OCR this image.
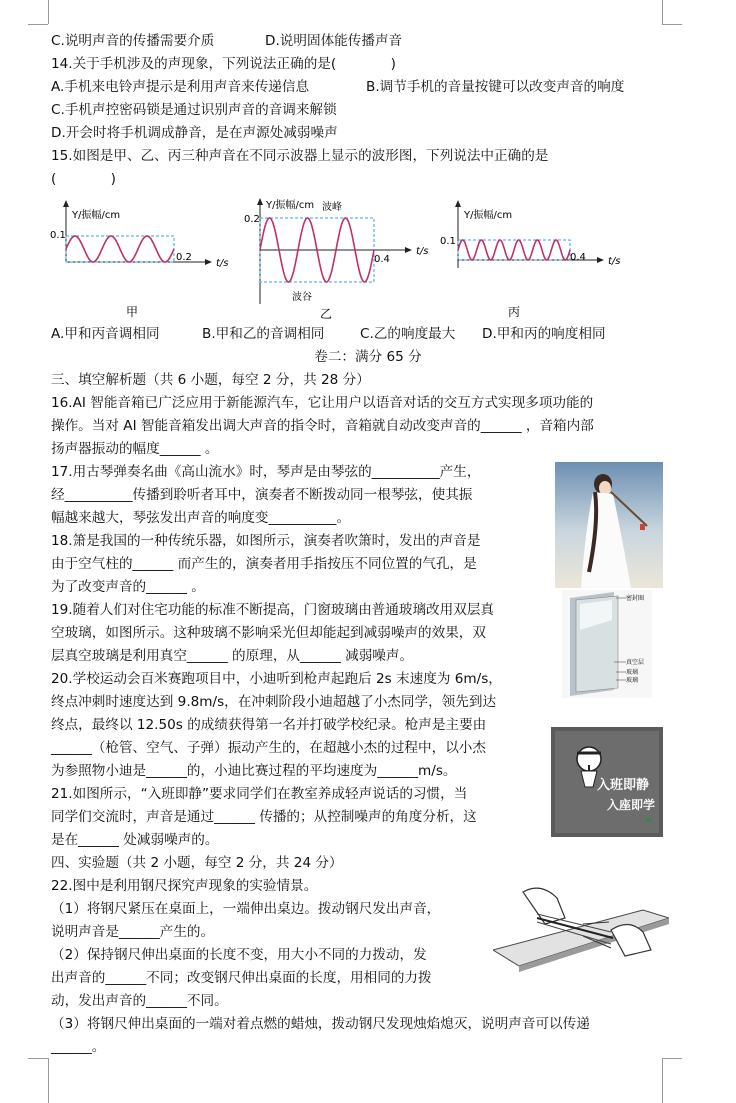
C.说明声音的传播需要介质	D.说明固体能传播声音
14.关于手机涉及的声现象，下列说法正确的是(　　　　)
A.手机来电铃声提示是利用声音来传递信息	B.调节手机的音量按键可以改变声音的响度
C.手机声控密码锁是通过识别声音的音调来解锁
D.开会时将手机调成静音，是在声源处减弱噪声
15.如图是甲、乙、丙三种声音在不同示波器上显示的波形图，下列说法中正确的是
(　　　　)
Y/振幅/cm
0.1
0.2
t/s
甲
Y/振幅/cm
0.2
0.4
t/s
波峰
波谷
乙
Y/振幅/cm
0.1
0.4 t/s
丙
A.甲和丙音调相同	B.甲和乙的音调相同	C.乙的响度最大 D.甲和丙的响度相同
卷二：满分 65 分
三、填空解析题（共 6 小题，每空 2 分，共 28 分）
16.AI 智能音箱已广泛应用于新能源汽车，它让用户以语音对话的交互方式实现多项功能的
操作。当对 AI 智能音箱发出调大声音的指令时，音箱就自动改变声音的______ ，音箱内部
扬声器振动的幅度______ 。
17.用古琴弹奏名曲《高山流水》时，琴声是由琴弦的__________产生，
经__________传播到聆听者耳中，演奏者不断拨动同一根琴弦，使其振
幅越来越大，琴弦发出声音的响度变__________。
18.箫是我国的一种传统乐器，如图所示，演奏者吹箫时，发出的声音是
由于空气柱的______ 而产生的，演奏者用手指按压不同位置的气孔，是
为了改变声音的______ 。
19.随着人们对住宅功能的标准不断提高，门窗玻璃由普通玻璃改用双层真
空玻璃，如图所示。这种玻璃不影响采光但却能起到减弱噪声的效果，双
层真空玻璃是利用真空______ 的原理，从______ 减弱噪声。
20.学校运动会百米赛跑项目中，小迪听到枪声起跑后 2s 末速度为 6m/s，
终点冲刺时速度达到 9.8m/s，在冲刺阶段小迪超越了小杰同学，领先到达
终点，最终以 12.50s 的成绩获得第一名并打破学校纪录。枪声是主要由
______（枪管、空气、子弹）振动产生的，在超越小杰的过程中，以小杰
为参照物小迪是______的，小迪比赛过程的平均速度为______m/s。
21.如图所示，“入班即静”要求同学们在教室养成轻声说话的习惯，当
同学们交流时，声音是通过______ 传播的；从控制噪声的角度分析，这
是在______ 处减弱噪声的。
四、实验题（共 2 小题，每空 2 分，共 24 分）
22.图中是利用钢尺探究声现象的实验情景。
（1）将钢尺紧压在桌面上，一端伸出桌边。拨动钢尺发出声音，
说明声音是______产生的。
（2）保持钢尺伸出桌面的长度不变，用大小不同的力拨动，发
出声音的______不同；改变钢尺伸出桌面的长度，用相同的力拨
动，发出声音的______不同。
（3）将钢尺伸出桌面的一端对着点燃的蜡烛，拨动钢尺发现烛焰熄灭，说明声音可以传递
______。
密封圈
真空层
玻璃
玻璃
入班即静
入座即学
